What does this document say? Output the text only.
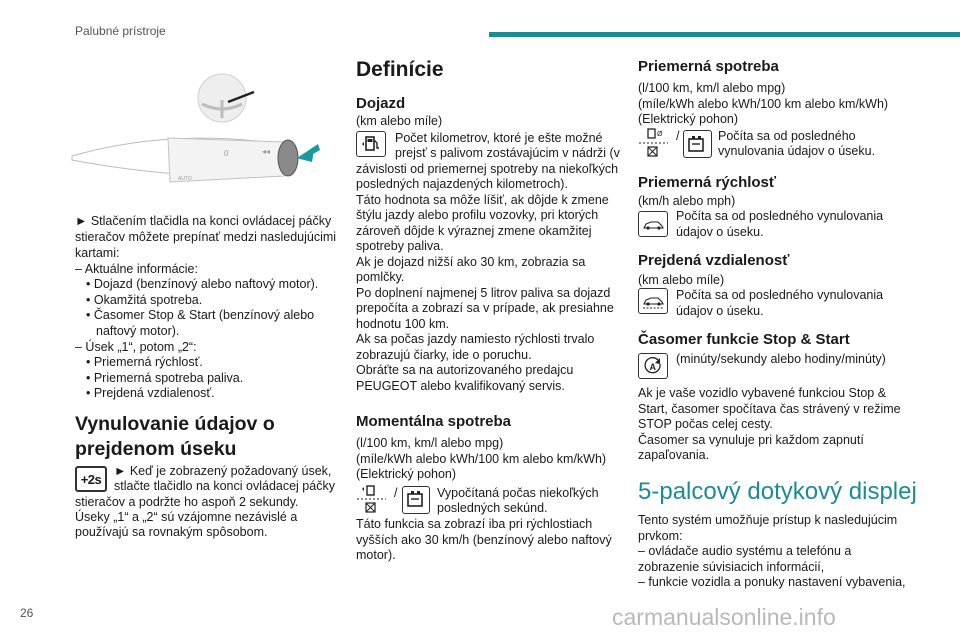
Palubné prístroje
0
AUTO
◂◂
► Stlačením tlačidla na konci ovládacej páčky
stieračov môžete prepínať medzi nasledujúcimi
kartami:
– Aktuálne informácie:
• Dojazd (benzínový alebo naftový motor).
• Okamžitá spotreba.
• Časomer Stop & Start (benzínový alebo
naftový motor).
– Úsek „1“, potom „2“:
• Priemerná rýchlosť.
• Priemerná spotreba paliva.
• Prejdená vzdialenosť.
Vynulovanie údajov o
prejdenom úseku
+2s
► Keď je zobrazený požadovaný úsek,
stlačte tlačidlo na konci ovládacej páčky
stieračov a podržte ho aspoň 2 sekundy.
Úseky „1“ a „2“ sú vzájomne nezávislé a
používajú sa rovnakým spôsobom.
Definície
Dojazd
(km alebo míle)
Počet kilometrov, ktoré je ešte možné
prejsť s palivom zostávajúcim v nádrži (v
závislosti od priemernej spotreby na niekoľkých
posledných najazdených kilometroch).
Táto hodnota sa môže líšiť, ak dôjde k zmene
štýlu jazdy alebo profilu vozovky, pri ktorých
zároveň dôjde k výraznej zmene okamžitej
spotreby paliva.
Ak je dojazd nižší ako 30 km, zobrazia sa
pomlčky.
Po doplnení najmenej 5 litrov paliva sa dojazd
prepočíta a zobrazí sa v prípade, ak presiahne
hodnotu 100 km.
Ak sa počas jazdy namiesto rýchlosti trvalo
zobrazujú čiarky, ide o poruchu.
Obráťte sa na autorizovaného predajcu
PEUGEOT alebo kvalifikovaný servis.
Momentálna spotreba
(l/100 km, km/l alebo mpg)
(míle/kWh alebo kWh/100 km alebo km/kWh)
(Elektrický pohon)
/	Vypočítaná počas niekoľkých
posledných sekúnd.
Táto funkcia sa zobrazí iba pri rýchlostiach
vyšších ako 30 km/h (benzínový alebo naftový
motor).
Priemerná spotreba
(l/100 km, km/l alebo mpg)
(míle/kWh alebo kWh/100 km alebo km/kWh)
(Elektrický pohon)
Ø /	Počíta sa od posledného
vynulovania údajov o úseku.
Priemerná rýchlosť
(km/h alebo mph)
Počíta sa od posledného vynulovania
údajov o úseku.
Prejdená vzdialenosť
(km alebo míle)
Počíta sa od posledného vynulovania
údajov o úseku.
Časomer funkcie Stop & Start
A
(minúty/sekundy alebo hodiny/minúty)
Ak je vaše vozidlo vybavené funkciou Stop &
Start, časomer spočítava čas strávený v režime
STOP počas celej cesty.
Časomer sa vynuluje pri každom zapnutí
zapaľovania.
5-palcový dotykový displej
Tento systém umožňuje prístup k nasledujúcim
prvkom:
– ovládače audio systému a telefónu a
zobrazenie súvisiacich informácií,
– funkcie vozidla a ponuky nastavení vybavenia,
26	carmanualsonline.info
